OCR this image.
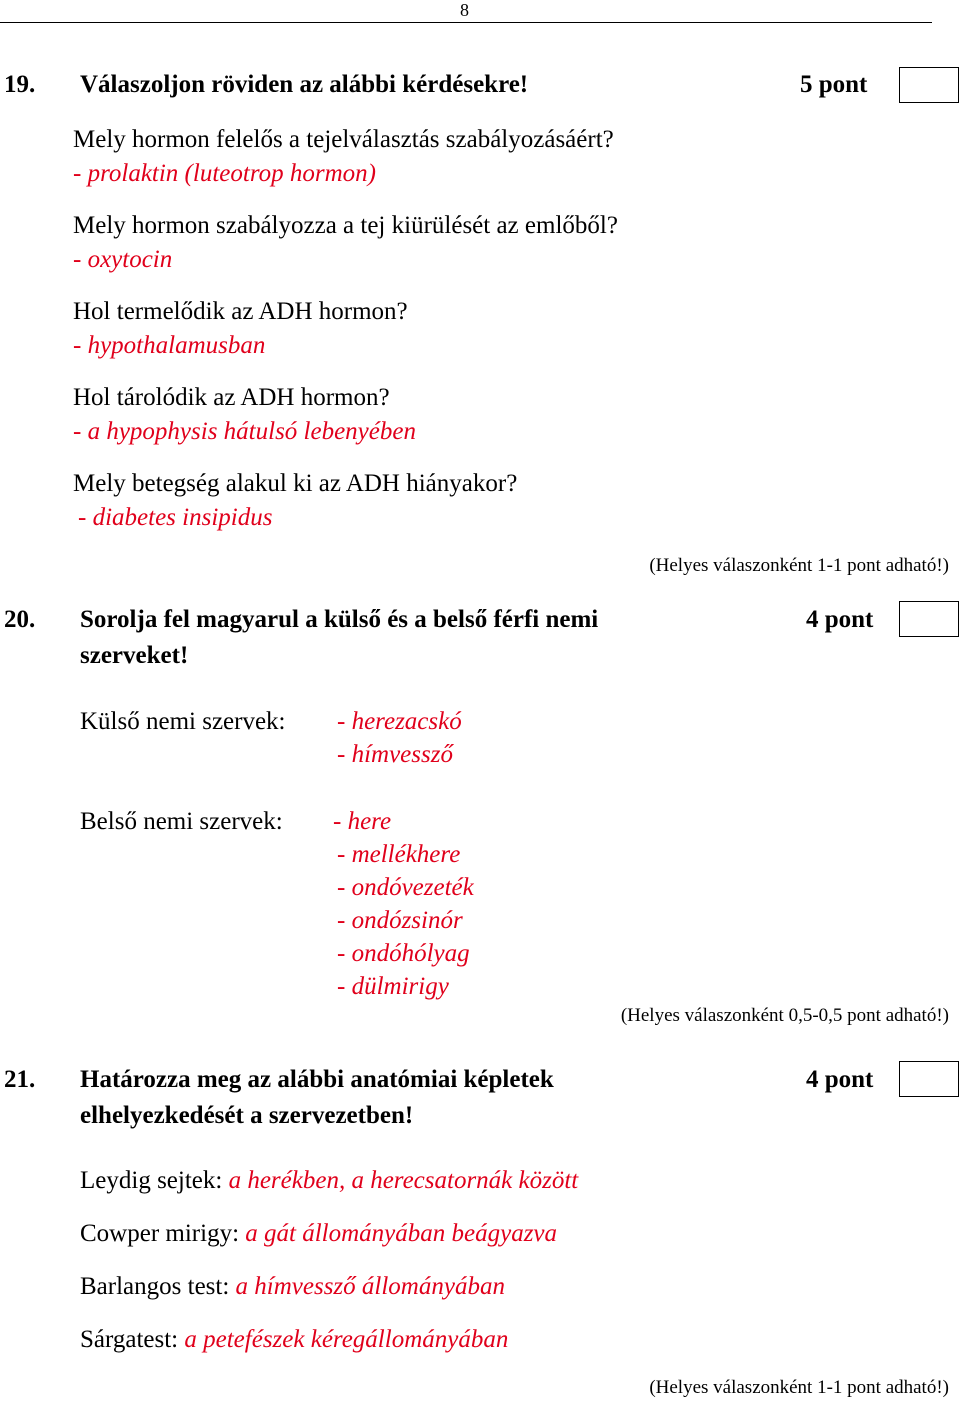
8
19. Válaszoljon röviden az alábbi kérdésekre!	5 pont
Mely hormon felelős a tejelválasztás szabályozásáért?
- prolaktin (luteotrop hormon)
Mely hormon szabályozza a tej kiürülését az emlőből?
- oxytocin
Hol termelődik az ADH hormon?
- hypothalamusban
Hol tárolódik az ADH hormon?
- a hypophysis hátulsó lebenyében
Mely betegség alakul ki az ADH hiányakor?
- diabetes insipidus
(Helyes válaszonként 1-1 pont adható!)
20. Sorolja fel magyarul a külső és a belső férfi nemi
szerveket!
4 pont
Külső nemi szervek: - herezacskó
- hímvessző
Belső nemi szervek: - here
- mellékhere
- ondóvezeték
- ondózsinór
- ondóhólyag
- dülmirigy
(Helyes válaszonként 0,5-0,5 pont adható!)
21. Határozza meg az alábbi anatómiai képletek
elhelyezkedését a szervezetben!
4 pont
Leydig sejtek: a herékben, a herecsatornák között
Cowper mirigy: a gát állományában beágyazva
Barlangos test: a hímvessző állományában
Sárgatest: a petefészek kéregállományában
(Helyes válaszonként 1-1 pont adható!)
